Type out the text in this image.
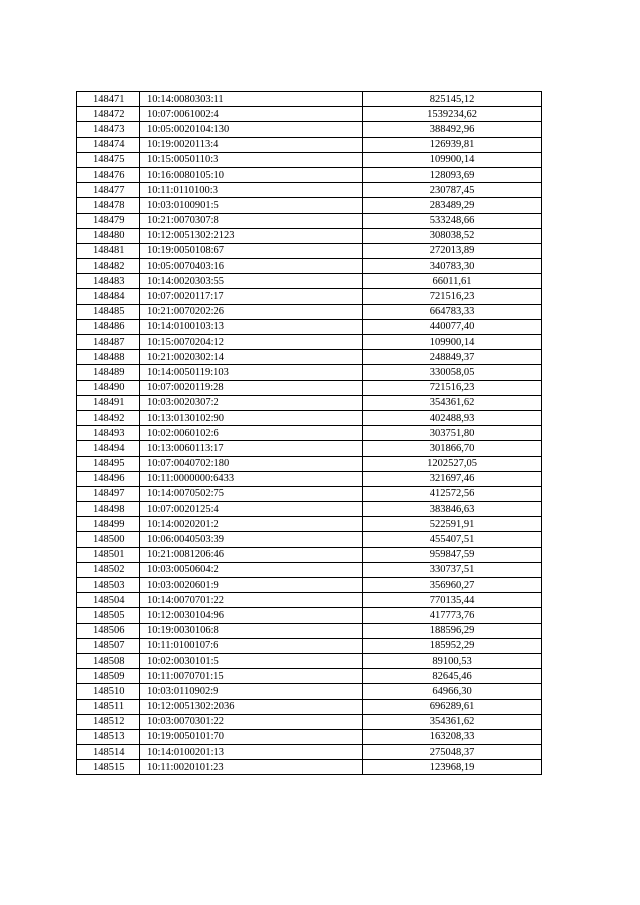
148471	10:14:0080303:11	825145,12
148472	10:07:0061002:4	1539234,62
148473	10:05:0020104:130	388492,96
148474	10:19:0020113:4	126939,81
148475	10:15:0050110:3	109900,14
148476	10:16:0080105:10	128093,69
148477	10:11:0110100:3	230787,45
148478	10:03:0100901:5	283489,29
148479	10:21:0070307:8	533248,66
148480	10:12:0051302:2123	308038,52
148481	10:19:0050108:67	272013,89
148482	10:05:0070403:16	340783,30
148483	10:14:0020303:55	66011,61
148484	10:07:0020117:17	721516,23
148485	10:21:0070202:26	664783,33
148486	10:14:0100103:13	440077,40
148487	10:15:0070204:12	109900,14
148488	10:21:0020302:14	248849,37
148489	10:14:0050119:103	330058,05
148490	10:07:0020119:28	721516,23
148491	10:03:0020307:2	354361,62
148492	10:13:0130102:90	402488,93
148493	10:02:0060102:6	303751,80
148494	10:13:0060113:17	301866,70
148495	10:07:0040702:180	1202527,05
148496	10:11:0000000:6433	321697,46
148497	10:14:0070502:75	412572,56
148498	10:07:0020125:4	383846,63
148499	10:14:0020201:2	522591,91
148500	10:06:0040503:39	455407,51
148501	10:21:0081206:46	959847,59
148502	10:03:0050604:2	330737,51
148503	10:03:0020601:9	356960,27
148504	10:14:0070701:22	770135,44
148505	10:12:0030104:96	417773,76
148506	10:19:0030106:8	188596,29
148507	10:11:0100107:6	185952,29
148508	10:02:0030101:5	89100,53
148509	10:11:0070701:15	82645,46
148510	10:03:0110902:9	64966,30
148511	10:12:0051302:2036	696289,61
148512	10:03:0070301:22	354361,62
148513	10:19:0050101:70	163208,33
148514	10:14:0100201:13	275048,37
148515	10:11:0020101:23	123968,19
